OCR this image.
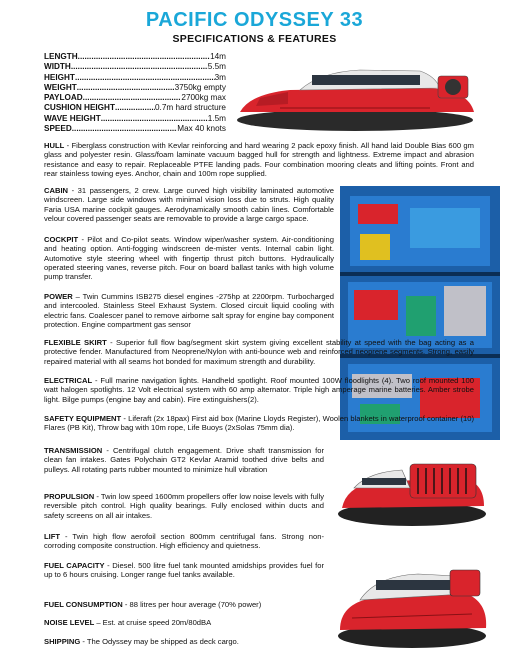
PACIFIC ODYSSEY 33
SPECIFICATIONS & FEATURES
LENGTH .....	14m
WIDTH .....	5.5m
HEIGHT .....	3m
WEIGHT .....	3750kg empty
PAYLOAD .....	2700kg max
CUSHION HEIGHT .....	0.7m hard structure
WAVE HEIGHT .....	1.5m
SPEED .....	Max 40 knots
HULL - Fiberglass construction with Kevlar reinforcing and hard wearing 2 pack epoxy finish. All hand laid Double Bias 600 gm glass and polyester resin. Glass/foam laminate vacuum bagged hull for strength and lightness. Extreme impact and abrasion resistance and easy to repair. Replaceable PTFE landing pads. Four combination mooring cleats and lifting points. Front and rear stainless towing eyes. Anchor, chain and 100m rope supplied.
CABIN - 31 passengers, 2 crew. Large curved high visibility laminated automotive windscreen. Large side windows with minimal vision loss due to struts. High quality Faria USA marine cockpit gauges. Aerodynamically smooth cabin lines. Comfortable velour covered passenger seats are removable to provide a large cargo space.
COCKPIT - Pilot and Co-pilot seats. Window wiper/washer system. Air-conditioning and heating option. Anti-fogging windscreen de-mister vents. Internal cabin light. Automotive style steering wheel with fingertip thrust pitch buttons. Hydraulically operated steering vanes, reverse pitch. Four on board ballast tanks with high volume pump transfer.
POWER – Twin Cummins ISB275 diesel engines -275hp at 2200rpm. Turbocharged and intercooled. Stainless Steel Exhaust System. Closed circuit liquid cooling with electric fans. Coalescer panel to remove airborne salt spray for engine bay component protection. Engine compartment gas sensor
FLEXIBLE SKIRT - Superior full flow bag/segment skirt system giving excellent stability at speed with the bag acting as a protective fender. Manufactured from Neoprene/Nylon with anti-bounce web and reinforced neoprene segments. Strong, easily repaired material with all seams hot bonded for maximum strength and durability.
ELECTRICAL - Full marine navigation lights. Handheld spotlight. Roof mounted 100W floodlights (4). Two roof mounted 100 watt halogen spotlights. 12 Volt electrical system with 60 amp alternator. Triple high amperage marine batteries. Amber strobe light. Bilge pumps (engine bay and cabin). Fire extinguishers(2).
SAFETY EQUIPMENT - Liferaft (2x 18pax) First aid box (Marine Lloyds Register), Woolen blankets in waterproof container (10) Flares (PB Kit), Throw bag with 10m rope, Life Buoys (2xSolas 75mm dia).
TRANSMISSION - Centrifugal clutch engagement. Drive shaft transmission for clean fan intakes. Gates Polychain GT2 Kevlar Aramid toothed drive belts and pulleys. All rotating parts rubber mounted to minimize hull vibration
PROPULSION - Twin low speed 1600mm propellers offer low noise levels with fully reversible pitch control. High quality bearings. Fully enclosed within ducts and safety screens on all air intakes.
LIFT - Twin high flow aerofoil section 800mm centrifugal fans. Strong non-corroding composite construction. High efficiency and quietness.
FUEL CAPACITY - Diesel. 500 litre fuel tank mounted amidships provides fuel for up to 6 hours cruising. Longer range fuel tanks available.
FUEL CONSUMPTION - 88 litres per hour average (70% power)
NOISE LEVEL – Est. at cruise speed 20m/80dBA
SHIPPING - The Odyssey may be shipped as deck cargo.
